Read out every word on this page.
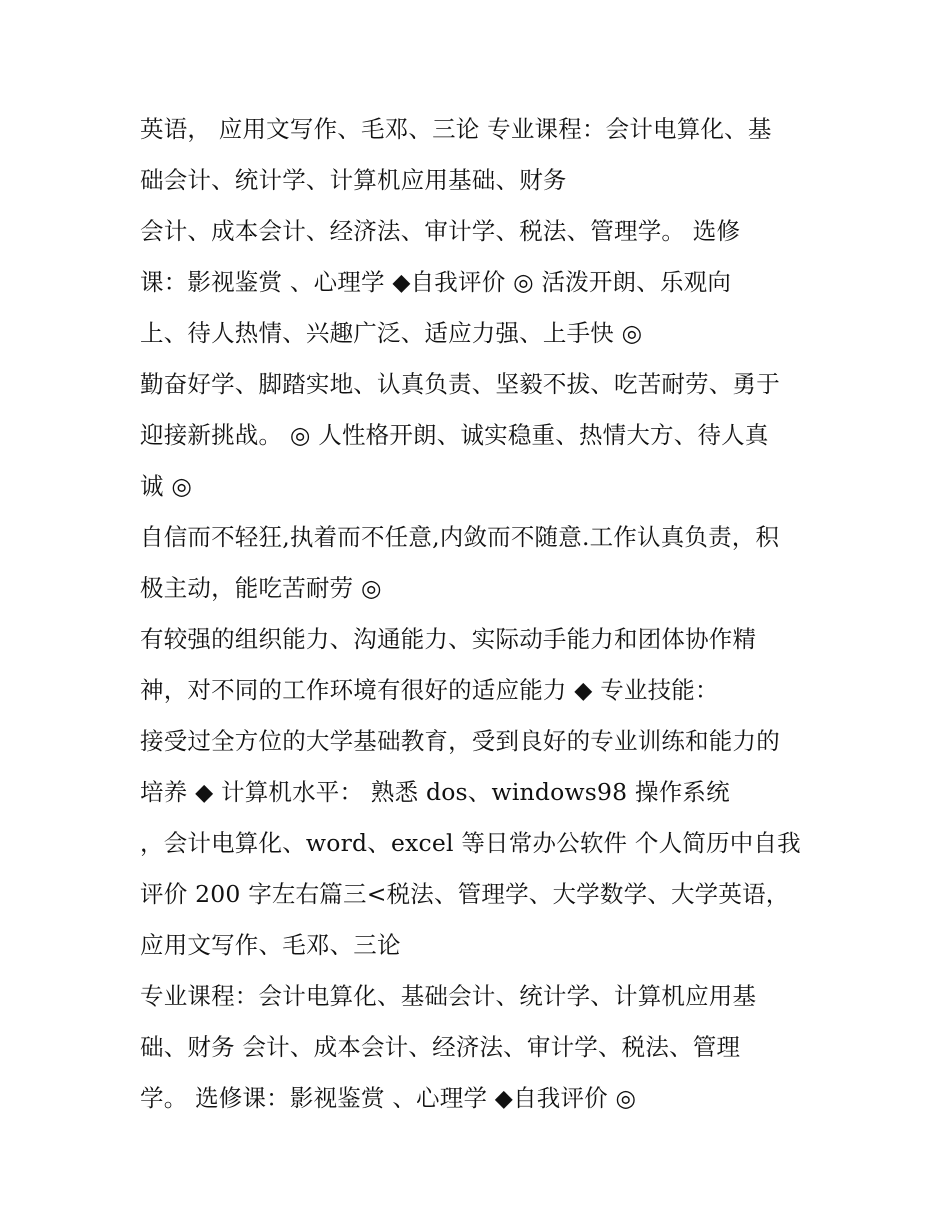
英语， 应用文写作、毛邓、三论 专业课程：会计电算化、基
础会计、统计学、计算机应用基础、财务
会计、成本会计、经济法、审计学、税法、管理学。 选修
课：影视鉴赏 、心理学 ◆自我评价 ◎ 活泼开朗、乐观向
上、待人热情、兴趣广泛、适应力强、上手快 ◎
勤奋好学、脚踏实地、认真负责、坚毅不拔、吃苦耐劳、勇于
迎接新挑战。 ◎ 人性格开朗、诚实稳重、热情大方、待人真
诚 ◎
自信而不轻狂,执着而不任意,内敛而不随意.工作认真负责，积
极主动，能吃苦耐劳 ◎
有较强的组织能力、沟通能力、实际动手能力和团体协作精
神，对不同的工作环境有很好的适应能力 ◆ 专业技能：
接受过全方位的大学基础教育，受到良好的专业训练和能力的
培养 ◆ 计算机水平： 熟悉 dos、windows98 操作系统
，会计电算化、word、excel 等日常办公软件 个人简历中自我
评价 200 字左右篇三<税法、管理学、大学数学、大学英语，
应用文写作、毛邓、三论
专业课程：会计电算化、基础会计、统计学、计算机应用基
础、财务 会计、成本会计、经济法、审计学、税法、管理
学。 选修课：影视鉴赏 、心理学 ◆自我评价 ◎
